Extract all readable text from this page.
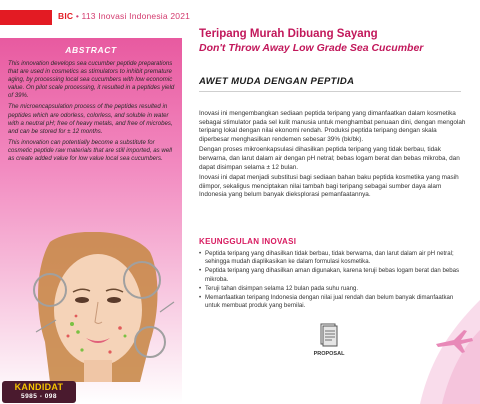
BIC • 113 Inovasi Indonesia 2021
ABSTRACT

This innovation develops sea cucumber peptide preparations that are used in cosmetics as stimulators to inhibit premature aging, by processing local sea cucumbers with low economic value. On pilot scale processing, it resulted in a peptides yield of 39%.

The microencapsulation process of the peptides resulted in peptides which are odorless, colorless, and soluble in water with a neutral pH; free of heavy metals, and free of microbes, and can be stored for ± 12 months.

This innovation can potentially become a substitute for cosmetic peptide raw materials that are still imported, as well as create added value for low value local sea cucumbers.

KANDIDAT
5985 - 098
Teripang Murah Dibuang Sayang
Don't Throw Away Low Grade Sea Cucumber
AWET MUDA DENGAN PEPTIDA

Inovasi ini mengembangkan sediaan peptida teripang yang dimanfaatkan dalam kosmetika sebagai stimulator pada sel kulit manusia untuk menghambat penuaan dini, dengan mengolah teripang lokal dengan nilai ekonomi rendah. Produksi peptida teripang dengan skala diperbesar menghasilkan rendemen sebesar 39% (bk/bk).

Dengan proses mikroenkapsulasi dihasilkan peptida teripang yang tidak berbau, tidak berwarna, dan larut dalam air dengan pH netral; bebas logam berat dan bebas mikroba, dan dapat disimpan selama ± 12 bulan.

Inovasi ini dapat menjadi substitusi bagi sediaan bahan baku peptida kosmetika yang masih diimpor, sekaligus menciptakan nilai tambah bagi teripang sebagai sumber daya alam Indonesia yang belum banyak dieksplorasi pemanfaatannya.

KEUNGGULAN INOVASI
• Peptida teripang yang dihasilkan tidak berbau, tidak berwarna, dan larut dalam air pH netral; sehingga mudah diaplikasikan ke dalam formulasi kosmetika.
• Peptida teripang yang dihasilkan aman digunakan, karena teruji bebas logam berat dan bebas mikroba.
• Teruji tahan disimpan selama 12 bulan pada suhu ruang.
• Memanfaatkan teripang Indonesia dengan nilai jual rendah dan belum banyak dimanfaatkan untuk membuat produk yang bernilai.
PROPOSAL
